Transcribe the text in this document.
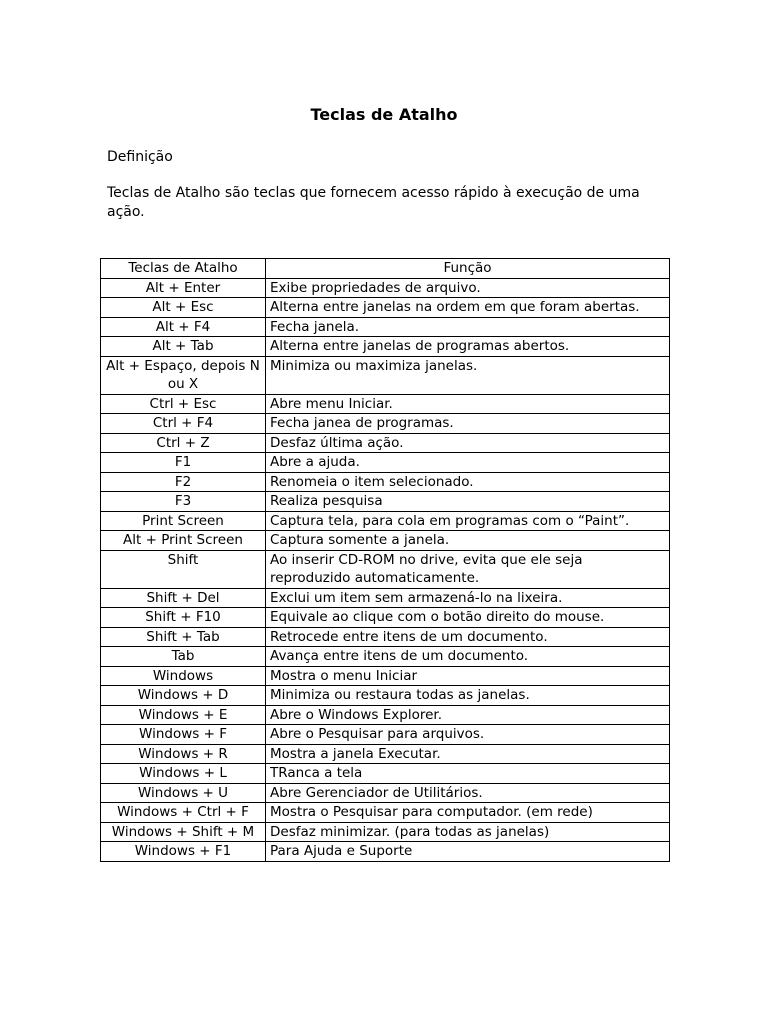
Teclas de Atalho
Definição
Teclas de Atalho são teclas que fornecem acesso rápido à execução de uma ação.
Teclas de Atalho	Função
Alt + Enter	Exibe propriedades de arquivo.
Alt + Esc	Alterna entre janelas na ordem em que foram abertas.
Alt + F4	Fecha janela.
Alt + Tab	Alterna entre janelas de programas abertos.
Alt + Espaço, depois N ou X	Minimiza ou maximiza janelas.
Ctrl + Esc	Abre menu Iniciar.
Ctrl + F4	Fecha janea de programas.
Ctrl + Z	Desfaz última ação.
F1	Abre a ajuda.
F2	Renomeia o item selecionado.
F3	Realiza pesquisa
Print Screen	Captura tela, para cola em programas com o “Paint”.
Alt + Print Screen	Captura somente a janela.
Shift	Ao inserir CD-ROM no drive, evita que ele seja reproduzido automaticamente.
Shift + Del	Exclui um item sem armazená-lo na lixeira.
Shift + F10	Equivale ao clique com o botão direito do mouse.
Shift + Tab	Retrocede entre itens de um documento.
Tab	Avança entre itens de um documento.
Windows	Mostra o menu Iniciar
Windows + D	Minimiza ou restaura todas as janelas.
Windows + E	Abre o Windows Explorer.
Windows + F	Abre o Pesquisar para arquivos.
Windows + R	Mostra a janela Executar.
Windows + L	TRanca a tela
Windows + U	Abre Gerenciador de Utilitários.
Windows + Ctrl + F	Mostra o Pesquisar para computador. (em rede)
Windows + Shift + M	Desfaz minimizar. (para todas as janelas)
Windows + F1	Para Ajuda e Suporte
